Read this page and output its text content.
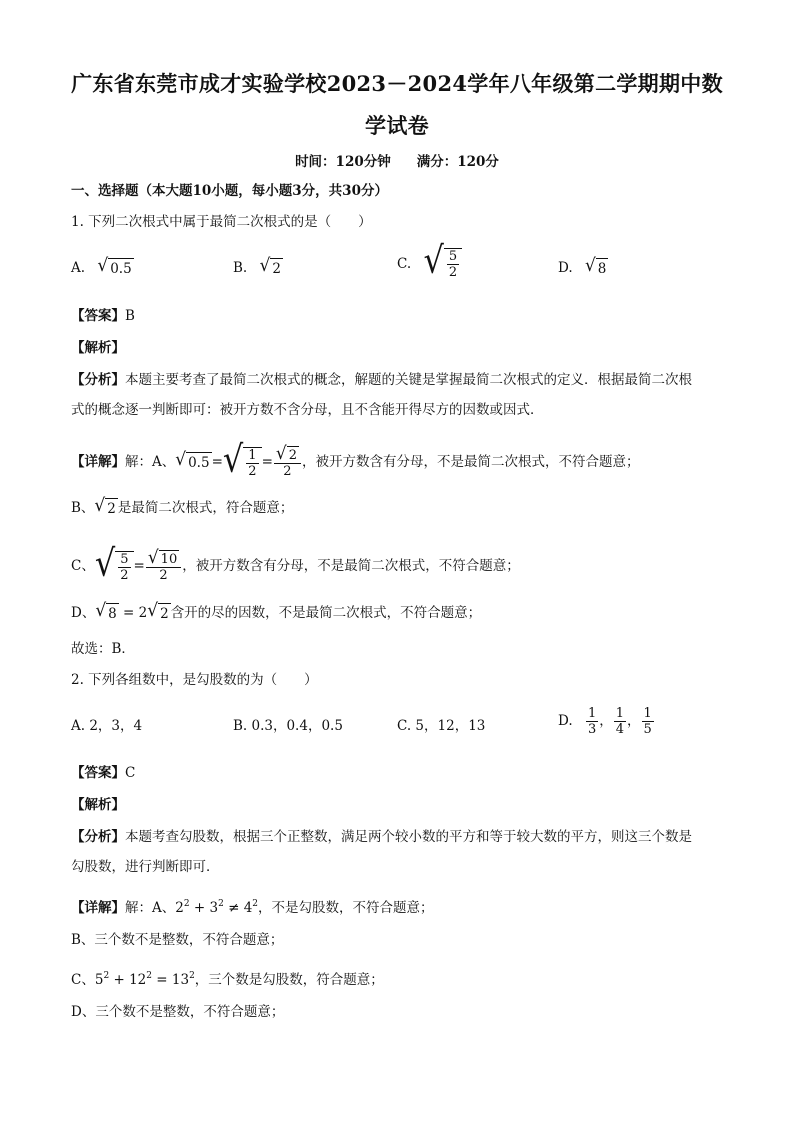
广东省东莞市成才实验学校2023－2024学年八年级第二学期期中数
学试卷
时间：120分钟 满分：120分
一、选择题（本大题10小题，每小题3分，共30分）
1. 下列二次根式中属于最简二次根式的是（　　）
A. √ 0.5	B. √ 2	C. √ $\frac{5}{2}$	D. √ 8
【答案】B
【解析】
【分析】本题主要考查了最简二次根式的概念，解题的关键是掌握最简二次根式的定义．根据最简二次根
式的概念逐一判断即可：被开方数不含分母，且不含能开得尽方的因数或因式．
【详解】解：A、 √ 0.5 = √ $\frac{1}{2} = \frac{√ 2}{2}$ ，被开方数含有分母，不是最简二次根式，不符合题意；
B、 √ 2 是最简二次根式，符合题意；
C、 √ $\frac{5}{2} = \frac{√ 10}{2}$ ，被开方数含有分母，不是最简二次根式，不符合题意；
D、 √ 8 = 2 √ 2 含开的尽的因数，不是最简二次根式，不符合题意；
故选：B．
2. 下列各组数中，是勾股数的为（　　）
A. 2，3，4	B. 0.3，0.4，0.5	C. 5，12，13	D. $\frac{1}{3}$ ， $\frac{1}{4}$ ， $\frac{1}{5}$
【答案】C
【解析】
【分析】本题考查勾股数，根据三个正整数，满足两个较小数的平方和等于较大数的平方，则这三个数是
勾股数，进行判断即可．
【详解】解：A、$2^2 + 3^2 \ne 4^2$，不是勾股数，不符合题意；
B、三个数不是整数，不符合题意；
C、$5^2 + 12^2 = 13^2$，三个数是勾股数，符合题意；
D、三个数不是整数，不符合题意；
